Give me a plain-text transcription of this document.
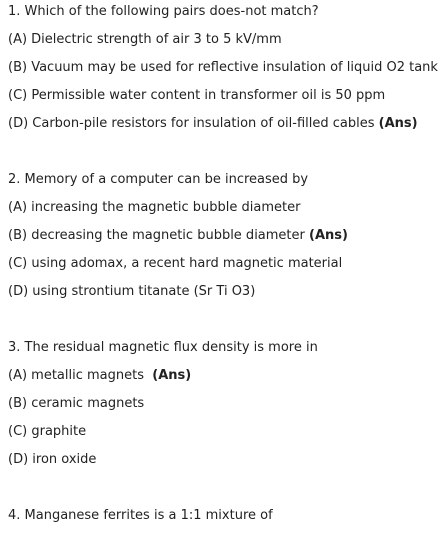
1. Which of the following pairs does-not match?
(A) Dielectric strength of air 3 to 5 kV/mm
(B) Vacuum may be used for reflective insulation of liquid O2 tank
(C) Permissible water content in transformer oil is 50 ppm
(D) Carbon-pile resistors for insulation of oil-filled cables (Ans)
2. Memory of a computer can be increased by
(A) increasing the magnetic bubble diameter
(B) decreasing the magnetic bubble diameter (Ans)
(C) using adomax, a recent hard magnetic material
(D) using strontium titanate (Sr Ti O3)
3. The residual magnetic flux density is more in
(A) metallic magnets  (Ans)
(B) ceramic magnets
(C) graphite
(D) iron oxide
4. Manganese ferrites is a 1:1 mixture of
